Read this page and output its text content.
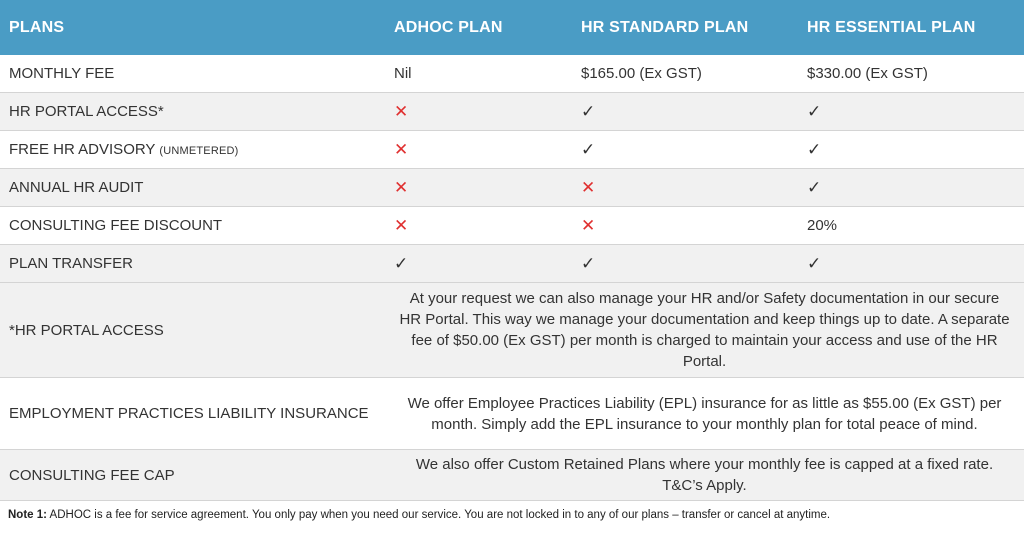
PLANS	ADHOC PLAN	HR STANDARD PLAN	HR ESSENTIAL PLAN
MONTHLY FEE	Nil	$165.00 (Ex GST)	$330.00 (Ex GST)
HR PORTAL ACCESS*	✕	✓	✓
FREE HR ADVISORY (UNMETERED)	✕	✓	✓
ANNUAL HR AUDIT	✕	✕	✓
CONSULTING FEE DISCOUNT	✕	✕	20%
PLAN TRANSFER	✓	✓	✓
*HR PORTAL ACCESS	At your request we can also manage your HR and/or Safety documentation in our secure HR Portal. This way we manage your documentation and keep things up to date. A separate fee of $50.00 (Ex GST) per month is charged to maintain your access and use of the HR Portal.		
EMPLOYMENT PRACTICES LIABILITY INSURANCE	We offer Employee Practices Liability (EPL) insurance for as little as $55.00 (Ex GST) per month. Simply add the EPL insurance to your monthly plan for total peace of mind.		
CONSULTING FEE CAP	We also offer Custom Retained Plans where your monthly fee is capped at a fixed rate. T&C’s Apply.		
Note 1: ADHOC is a fee for service agreement. You only pay when you need our service. You are not locked in to any of our plans – transfer or cancel at anytime.
